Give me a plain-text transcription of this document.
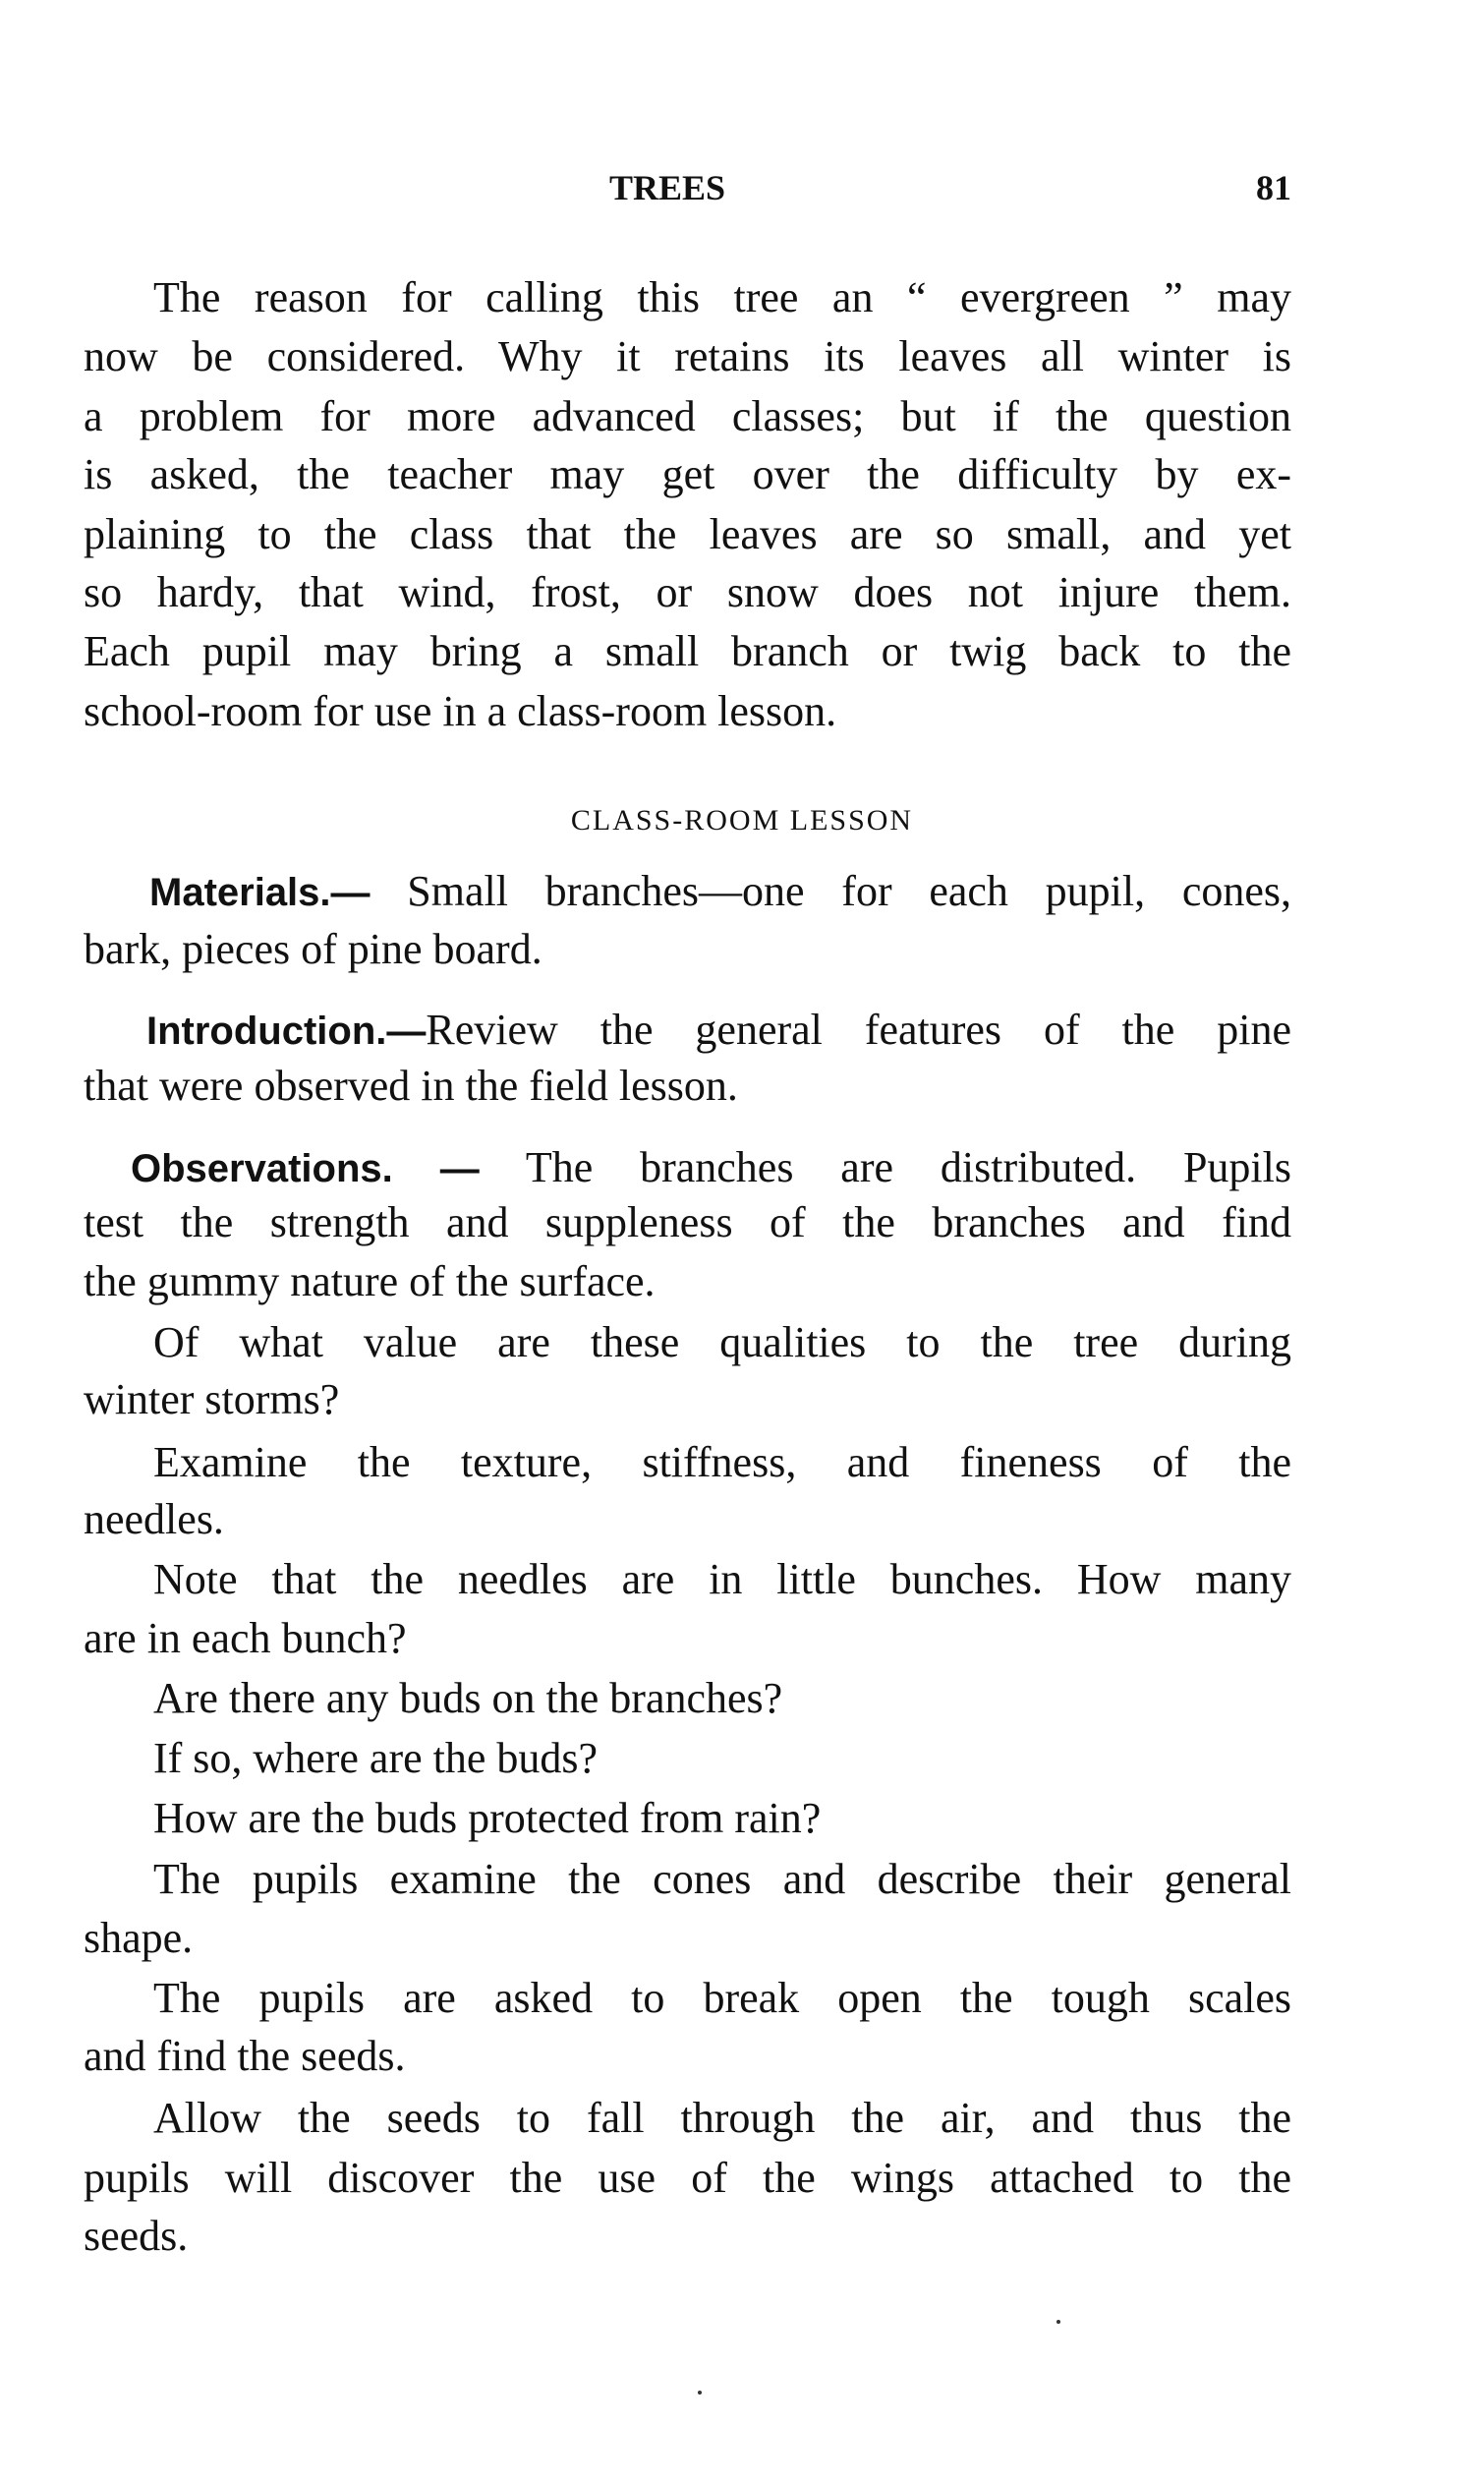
TREES	81
The reason for calling this tree an “ evergreen ” may
now be considered. Why it retains its leaves all winter is
a problem for more advanced classes; but if the question
is asked, the teacher may get over the difficulty by ex-
plaining to the class that the leaves are so small, and yet
so hardy, that wind, frost, or snow does not injure them.
Each pupil may bring a small branch or twig back to the
school-room for use in a class-room lesson.
CLASS-ROOM LESSON
Materials.— Small branches—one for each pupil, cones,
bark, pieces of pine board.
Introduction.—Review the general features of the pine
that were observed in the field lesson.
Observations. — The branches are distributed. Pupils
test the strength and suppleness of the branches and find
the gummy nature of the surface.
Of what value are these qualities to the tree during
winter storms?
Examine the texture, stiffness, and fineness of the
needles.
Note that the needles are in little bunches. How many
are in each bunch?
Are there any buds on the branches?
If so, where are the buds?
How are the buds protected from rain?
The pupils examine the cones and describe their general
shape.
The pupils are asked to break open the tough scales
and find the seeds.
Allow the seeds to fall through the air, and thus the
pupils will discover the use of the wings attached to the
seeds.
